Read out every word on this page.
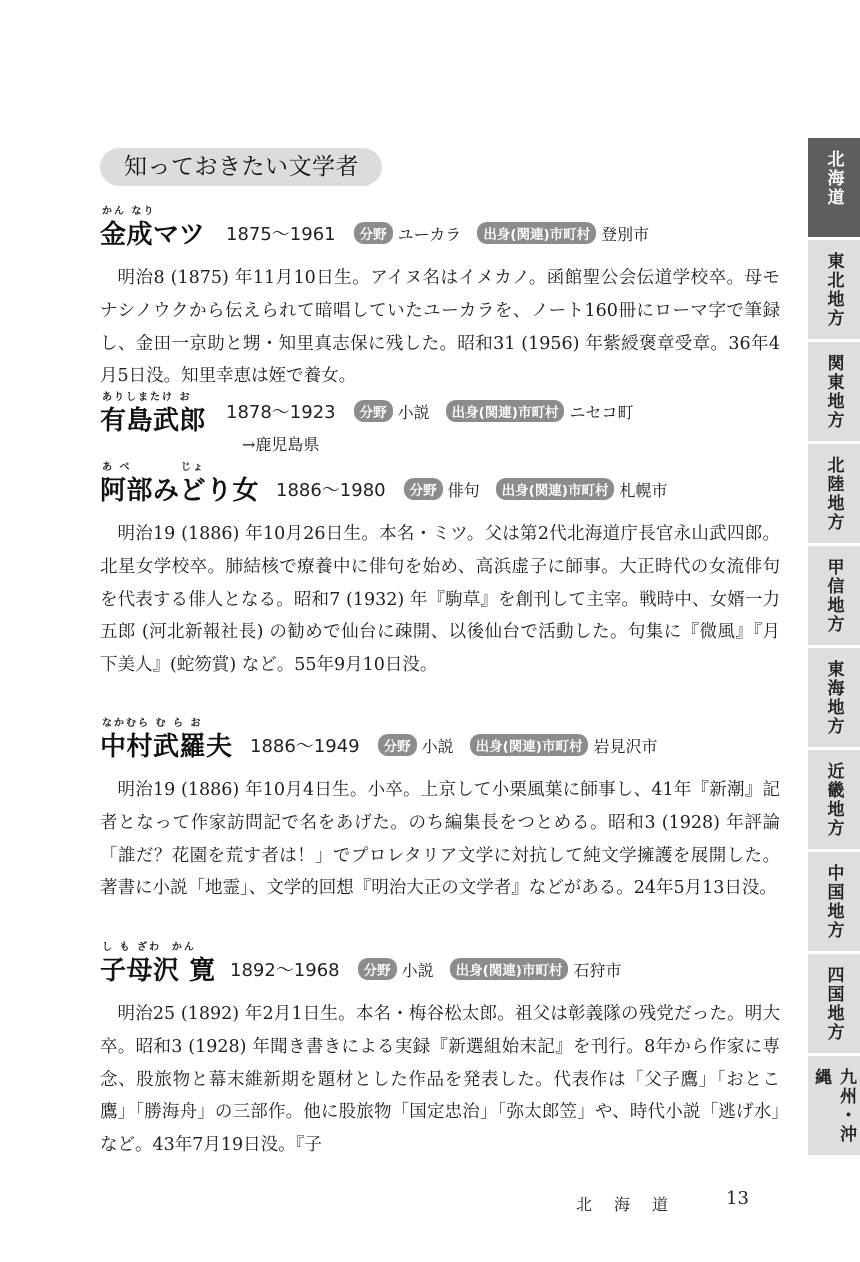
知っておきたい文学者
かん なり
金成マツ 1875～1961	分野 ユーカラ	出身(関連)市町村 登別市

明治8 (1875) 年11月10日生。アイヌ名はイメカノ。函館聖公会伝道学校卒。母モナシノウクから伝えられて暗唱していたユーカラを、ノート160冊にローマ字で筆録し、金田一京助と甥・知里真志保に残した。昭和31 (1956) 年紫綬褒章受章。36年4月5日没。知里幸恵は姪で養女。

ありしまたけ お
有島武郎 1878～1923	分野 小説	出身(関連)市町村 ニセコ町
→鹿児島県
あ べ         じょ
阿部みどり女 1886～1980	分野 俳句	出身(関連)市町村 札幌市

明治19 (1886) 年10月26日生。本名・ミツ。父は第2代北海道庁長官永山武四郎。北星女学校卒。肺結核で療養中に俳句を始め、高浜虚子に師事。大正時代の女流俳句を代表する俳人となる。昭和7 (1932) 年『駒草』を創刊して主宰。戦時中、女婿一力五郎 (河北新報社長) の勧めで仙台に疎開、以後仙台で活動した。句集に『微風』『月下美人』(蛇笏賞) など。55年9月10日没。

なかむら む ら お
中村武羅夫 1886～1949	分野 小説	出身(関連)市町村 岩見沢市

明治19 (1886) 年10月4日生。小卒。上京して小栗風葉に師事し、41年『新潮』記者となって作家訪問記で名をあげた。のち編集長をつとめる。昭和3 (1928) 年評論「誰だ？花園を荒す者は！」でプロレタリア文学に対抗して純文学擁護を展開した。著書に小説「地霊」、文学的回想『明治大正の文学者』などがある。24年5月13日没。

し も ざわ  かん
子母沢 寛 1892～1968	分野 小説	出身(関連)市町村 石狩市

明治25 (1892) 年2月1日生。本名・梅谷松太郎。祖父は彰義隊の残党だった。明大卒。昭和3 (1928) 年聞き書きによる実録『新選組始末記』を刊行。8年から作家に専念、股旅物と幕末維新期を題材とした作品を発表した。代表作は「父子鷹」「おとこ鷹」「勝海舟」の三部作。他に股旅物「国定忠治」「弥太郎笠」や、時代小説「逃げ水」など。43年7月19日没。『子

北海道
東北地方
関東地方
北陸地方
甲信地方
東海地方
近畿地方
中国地方
四国地方
九州・沖縄
北海道 13
